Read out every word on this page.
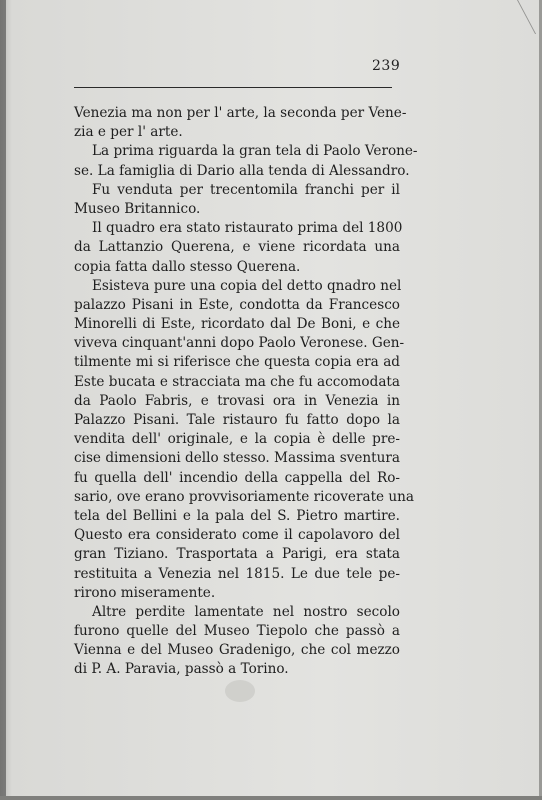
239
Venezia ma non per l' arte, la seconda per Vene-
zia e per l' arte.
La prima riguarda la gran tela di Paolo Verone-
se. La famiglia di Dario alla tenda di Alessandro.
Fu venduta per trecentomila franchi per il
Museo Britannico.
Il quadro era stato ristaurato prima del 1800
da Lattanzio Querena, e viene ricordata una
copia fatta dallo stesso Querena.
Esisteva pure una copia del detto qnadro nel
palazzo Pisani in Este, condotta da Francesco
Minorelli di Este, ricordato dal De Boni, e che
viveva cinquant'anni dopo Paolo Veronese. Gen-
tilmente mi si riferisce che questa copia era ad
Este bucata e stracciata ma che fu accomodata
da Paolo Fabris, e trovasi ora in Venezia in
Palazzo Pisani. Tale ristauro fu fatto dopo la
vendita dell' originale, e la copia è delle pre-
cise dimensioni dello stesso. Massima sventura
fu quella dell' incendio della cappella del Ro-
sario, ove erano provvisoriamente ricoverate una
tela del Bellini e la pala del S. Pietro martire.
Questo era considerato come il capolavoro del
gran Tiziano. Trasportata a Parigi, era stata
restituita a Venezia nel 1815. Le due tele pe-
rirono miseramente.
Altre perdite lamentate nel nostro secolo
furono quelle del Museo Tiepolo che passò a
Vienna e del Museo Gradenigo, che col mezzo
di P. A. Paravia, passò a Torino.
